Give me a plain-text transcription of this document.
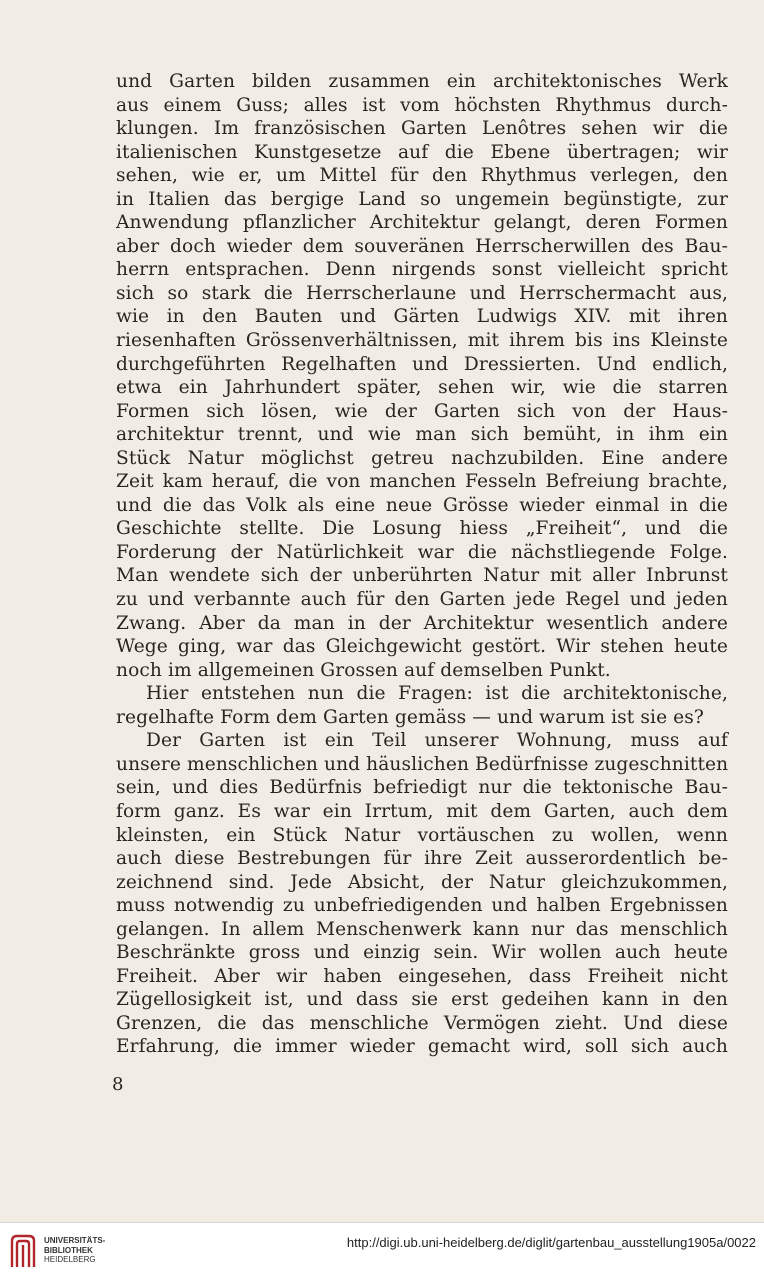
und Garten bilden zusammen ein architektonisches Werk
aus einem Guss; alles ist vom höchsten Rhythmus durch-
klungen. Im französischen Garten Lenôtres sehen wir die
italienischen Kunstgesetze auf die Ebene übertragen; wir
sehen, wie er, um Mittel für den Rhythmus verlegen, den
in Italien das bergige Land so ungemein begünstigte, zur
Anwendung pflanzlicher Architektur gelangt, deren Formen
aber doch wieder dem souveränen Herrscherwillen des Bau-
herrn entsprachen. Denn nirgends sonst vielleicht spricht
sich so stark die Herrscherlaune und Herrschermacht aus,
wie in den Bauten und Gärten Ludwigs XIV. mit ihren
riesenhaften Grössenverhältnissen, mit ihrem bis ins Kleinste
durchgeführten Regelhaften und Dressierten. Und endlich,
etwa ein Jahrhundert später, sehen wir, wie die starren
Formen sich lösen, wie der Garten sich von der Haus-
architektur trennt, und wie man sich bemüht, in ihm ein
Stück Natur möglichst getreu nachzubilden. Eine andere
Zeit kam herauf, die von manchen Fesseln Befreiung brachte,
und die das Volk als eine neue Grösse wieder einmal in die
Geschichte stellte. Die Losung hiess „Freiheit“, und die
Forderung der Natürlichkeit war die nächstliegende Folge.
Man wendete sich der unberührten Natur mit aller Inbrunst
zu und verbannte auch für den Garten jede Regel und jeden
Zwang. Aber da man in der Architektur wesentlich andere
Wege ging, war das Gleichgewicht gestört. Wir stehen heute
noch im allgemeinen Grossen auf demselben Punkt.
Hier entstehen nun die Fragen: ist die architektonische,
regelhafte Form dem Garten gemäss — und warum ist sie es?
Der Garten ist ein Teil unserer Wohnung, muss auf
unsere menschlichen und häuslichen Bedürfnisse zugeschnitten
sein, und dies Bedürfnis befriedigt nur die tektonische Bau-
form ganz. Es war ein Irrtum, mit dem Garten, auch dem
kleinsten, ein Stück Natur vortäuschen zu wollen, wenn
auch diese Bestrebungen für ihre Zeit ausserordentlich be-
zeichnend sind. Jede Absicht, der Natur gleichzukommen,
muss notwendig zu unbefriedigenden und halben Ergebnissen
gelangen. In allem Menschenwerk kann nur das menschlich
Beschränkte gross und einzig sein. Wir wollen auch heute
Freiheit. Aber wir haben eingesehen, dass Freiheit nicht
Zügellosigkeit ist, und dass sie erst gedeihen kann in den
Grenzen, die das menschliche Vermögen zieht. Und diese
Erfahrung, die immer wieder gemacht wird, soll sich auch
8
UNIVERSITÄTS-
BIBLIOTHEK
HEIDELBERG
http://digi.ub.uni-heidelberg.de/diglit/gartenbau_ausstellung1905a/0022
